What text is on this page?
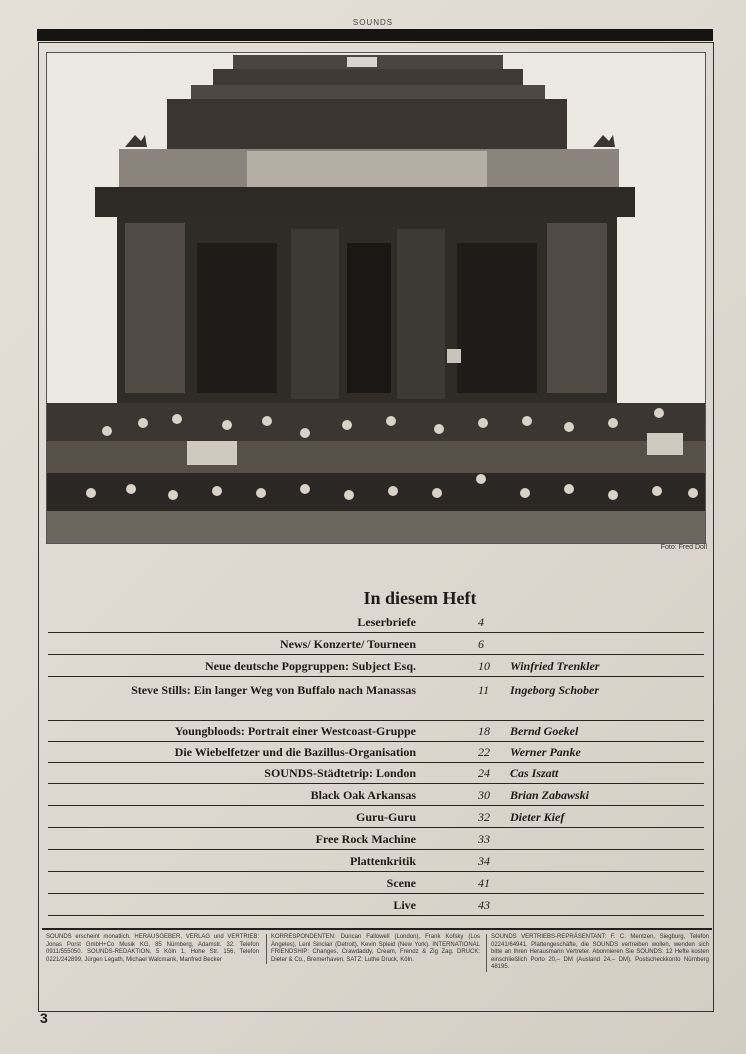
SOUNDS
Foto: Fred Doll
In diesem Heft
Leserbriefe	4
News/ Konzerte/ Tourneen	6
Neue deutsche Popgruppen: Subject Esq.	10	Winfried Trenkler
Steve Stills: Ein langer Weg von Buffalo nach Manassas	11	Ingeborg Schober
Youngbloods: Portrait einer Westcoast-Gruppe	18	Bernd Goekel
Die Wiebelfetzer und die Bazillus-Organisation	22	Werner Panke
SOUNDS-Städtetrip: London	24	Cas Iszatt
Black Oak Arkansas	30	Brian Zabawski
Guru-Guru	32	Dieter Kief
Free Rock Machine	33
Plattenkritik	34
Scene	41
Live	43
SOUNDS erscheint monatlich. HERAUSGEBER, VERLAG und VERTRIEB: Jonas Porst GmbH+Co Musik KG, 85 Nürnberg, Adamstr. 32. Telefon 0911/555050. SOUNDS-REDAKTION, 5 Köln 1, Hohe Str. 156, Telefon 0221/242899, Jürgen Legath, Michael Walcmank, Manfred Becker
KORRESPONDENTEN: Duncan Fallowell (London), Frank Kofsky (Los Angeles), Lenl Sinclair (Detroit), Kevin Spleid (New York). INTERNATIONAL FRIENDSHIP: Changes, Crawdaddy, Cream, Frendz & Zig Zag. DRUCK: Dieter & Co., Bremerhaven. SATZ: Luthe Druck, Köln.
SOUNDS VERTRIEBS-REPRÄSENTANT: F. C. Mentzen, Siegburg, Telefon 02241/64941. Plattengeschäfte, die SOUNDS vertreiben wollen, wenden sich bitte an Ihren Herausmann Vertreter. Abonnieren Sie SOUNDS: 12 Hefte kosten einschließlich Porto 20,– DM (Ausland 24,– DM). Postscheckkonto Nürnberg 48195.
3
